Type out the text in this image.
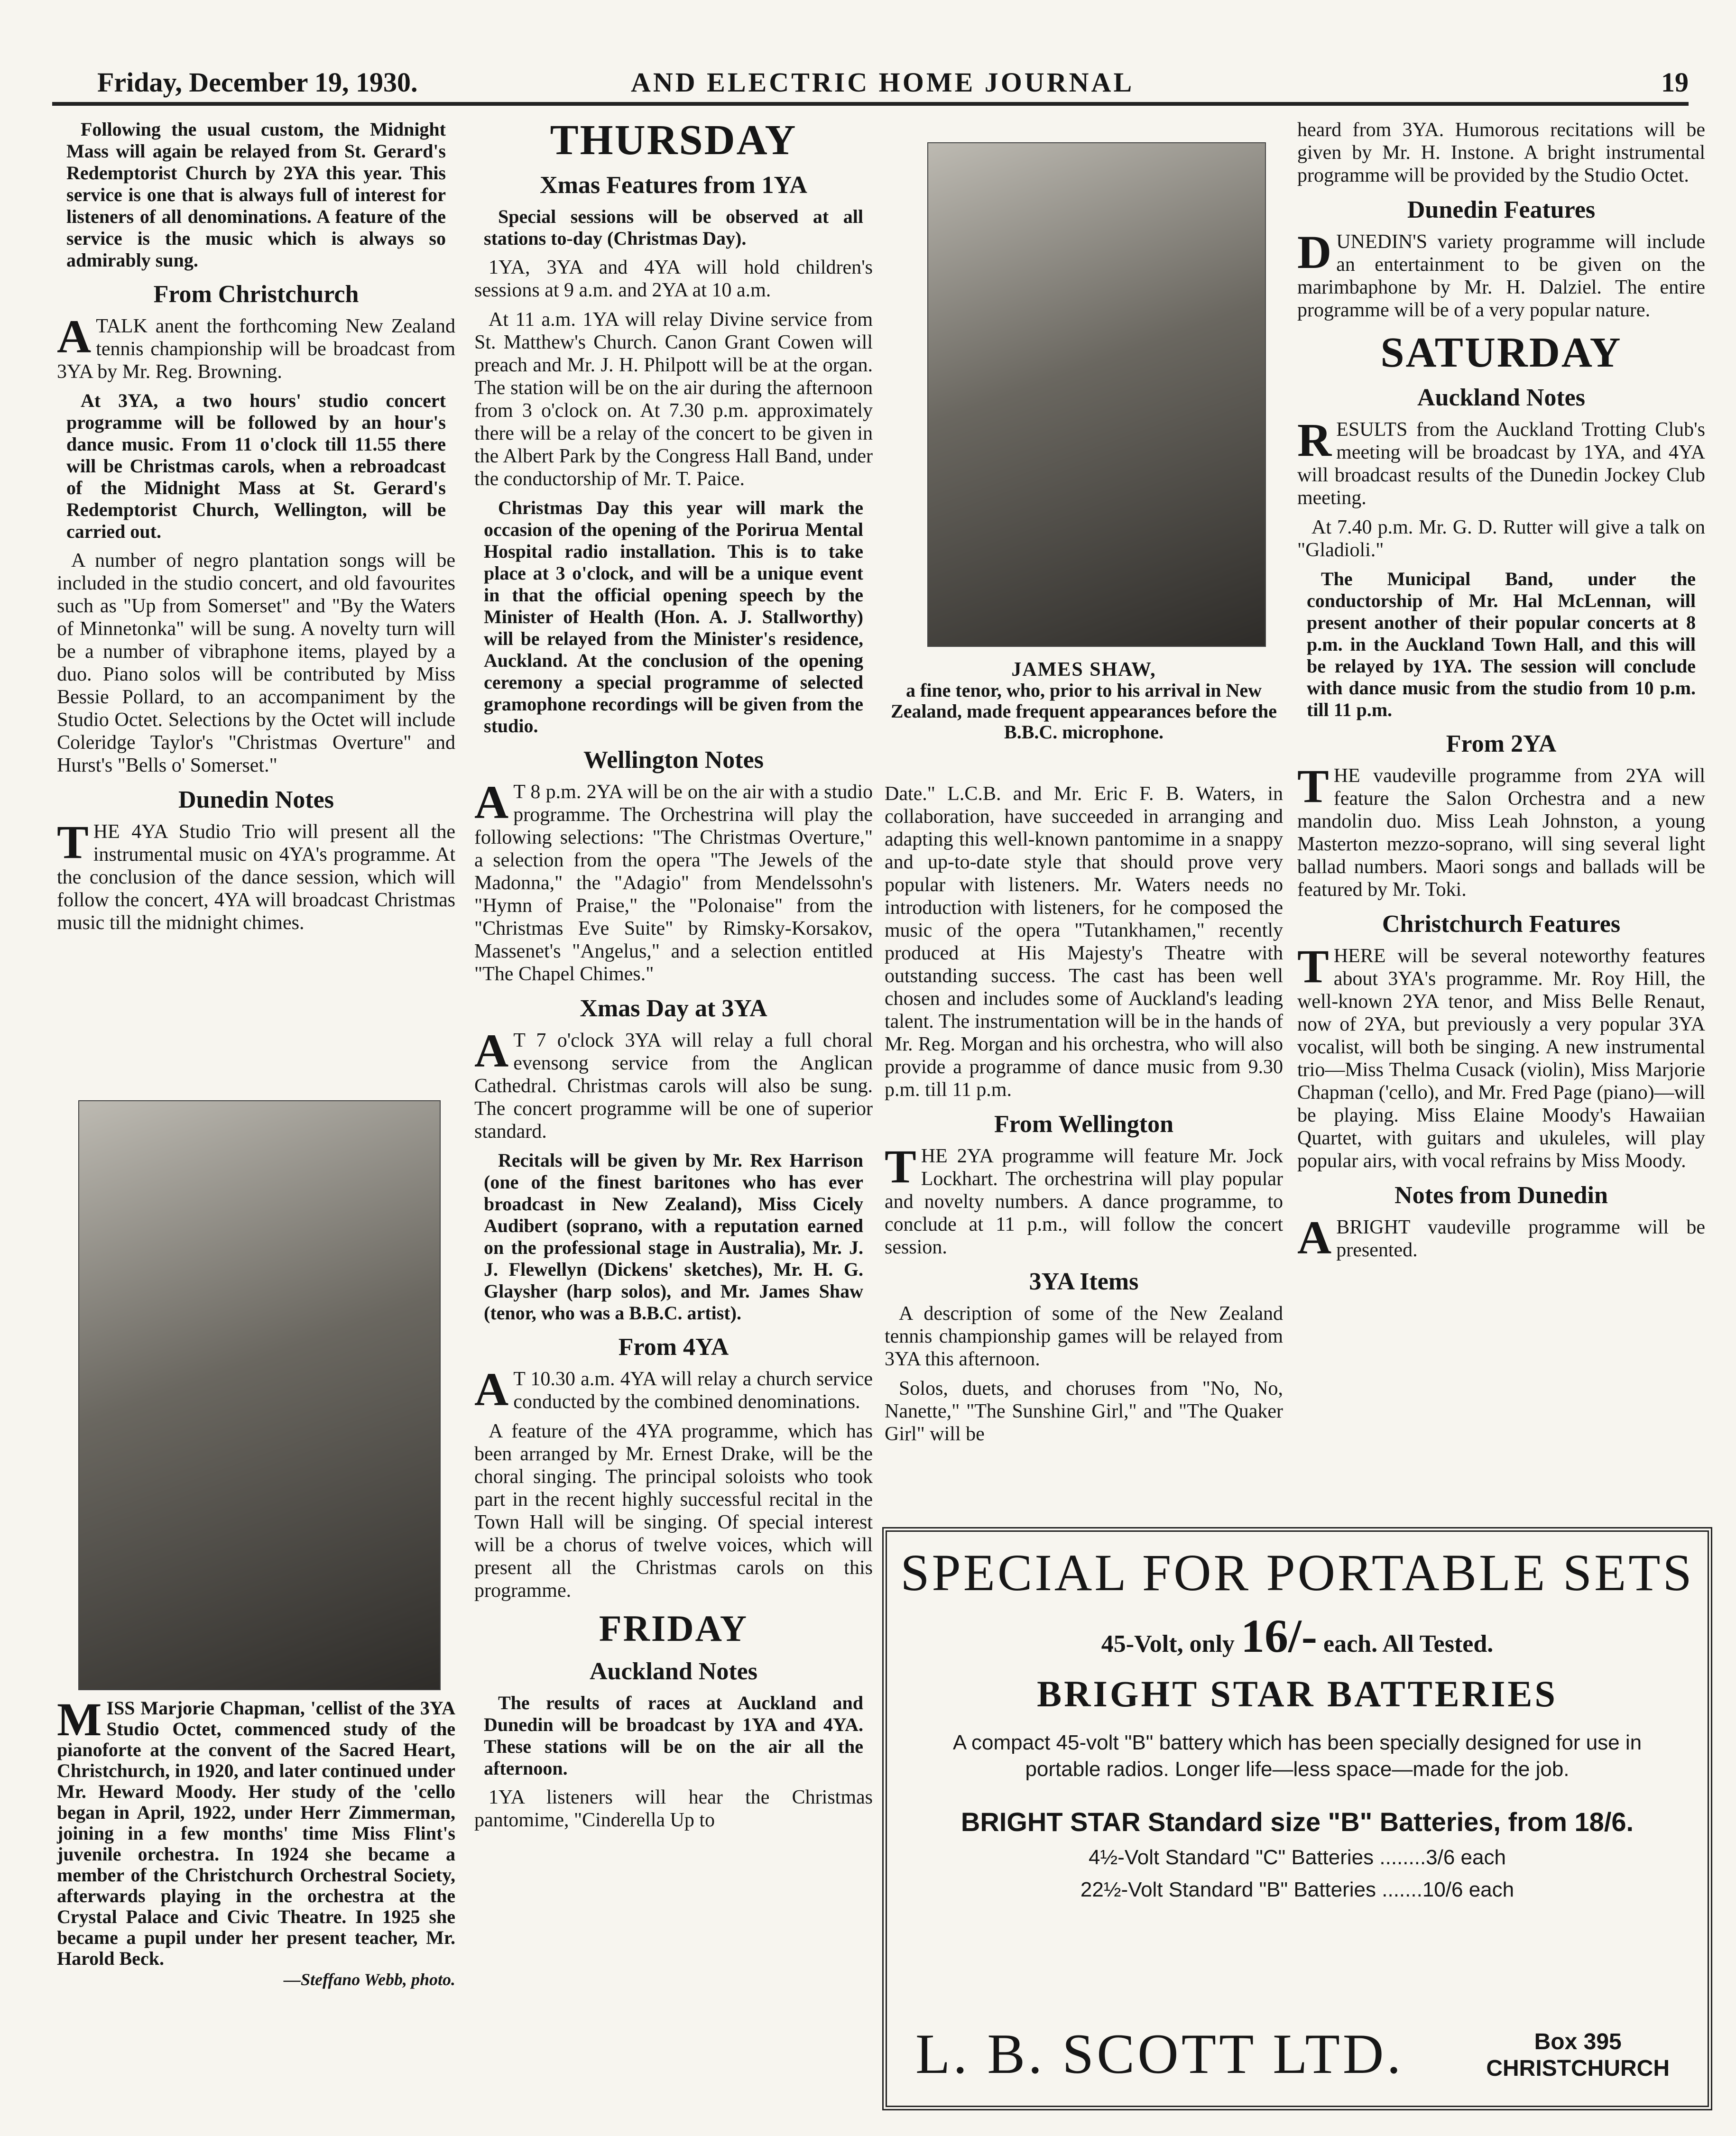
Friday, December 19, 1930.	AND ELECTRIC HOME JOURNAL	19

Following the usual custom, the Midnight Mass will again be relayed from St. Gerard's Redemptorist Church by 2YA this year. This service is one that is always full of interest for listeners of all denominations. A feature of the service is the music which is always so admirably sung.

From Christchurch

ATALK anent the forthcoming New Zealand tennis championship will be broadcast from 3YA by Mr. Reg. Browning.

At 3YA, a two hours' studio concert programme will be followed by an hour's dance music. From 11 o'clock till 11.55 there will be Christmas carols, when a rebroadcast of the Midnight Mass at St. Gerard's Redemptorist Church, Wellington, will be carried out.

A number of negro plantation songs will be included in the studio concert, and old favourites such as "Up from Somerset" and "By the Waters of Minnetonka" will be sung. A novelty turn will be a number of vibraphone items, played by a duo. Piano solos will be contributed by Miss Bessie Pollard, to an accompaniment by the Studio Octet. Selections by the Octet will include Coleridge Taylor's "Christmas Overture" and Hurst's "Bells o' Somerset."

Dunedin Notes

THE 4YA Studio Trio will present all the instrumental music on 4YA's programme. At the conclusion of the dance session, which will follow the concert, 4YA will broadcast Christmas music till the midnight chimes.

MISS Marjorie Chapman, 'cellist of the 3YA Studio Octet, commenced study of the pianoforte at the convent of the Sacred Heart, Christchurch, in 1920, and later continued under Mr. Heward Moody. Her study of the 'cello began in April, 1922, under Herr Zimmerman, joining in a few months' time Miss Flint's juvenile orchestra. In 1924 she became a member of the Christchurch Orchestral Society, afterwards playing in the orchestra at the Crystal Palace and Civic Theatre. In 1925 she became a pupil under her present teacher, Mr. Harold Beck.
—Steffano Webb, photo.
THURSDAY
Xmas Features from 1YA

Special sessions will be observed at all stations to-day (Christmas Day).

1YA, 3YA and 4YA will hold children's sessions at 9 a.m. and 2YA at 10 a.m.

At 11 a.m. 1YA will relay Divine service from St. Matthew's Church. Canon Grant Cowen will preach and Mr. J. H. Philpott will be at the organ. The station will be on the air during the afternoon from 3 o'clock on. At 7.30 p.m. approximately there will be a relay of the concert to be given in the Albert Park by the Congress Hall Band, under the conductorship of Mr. T. Paice.

Christmas Day this year will mark the occasion of the opening of the Porirua Mental Hospital radio installation. This is to take place at 3 o'clock, and will be a unique event in that the official opening speech by the Minister of Health (Hon. A. J. Stallworthy) will be relayed from the Minister's residence, Auckland. At the conclusion of the opening ceremony a special programme of selected gramophone recordings will be given from the studio.

Wellington Notes

A T 8 p.m. 2YA will be on the air with a studio programme. The Orchestrina will play the following selections: "The Christmas Overture," a selection from the opera "The Jewels of the Madonna," the "Adagio" from Mendelssohn's "Hymn of Praise," the "Polonaise" from the "Christmas Eve Suite" by Rimsky-Korsakov, Massenet's "Angelus," and a selection entitled "The Chapel Chimes."

Xmas Day at 3YA

A T 7 o'clock 3YA will relay a full choral evensong service from the Anglican Cathedral. Christmas carols will also be sung. The concert programme will be one of superior standard.

Recitals will be given by Mr. Rex Harrison (one of the finest baritones who has ever broadcast in New Zealand), Miss Cicely Audibert (soprano, with a reputation earned on the professional stage in Australia), Mr. J. J. Flewellyn (Dickens' sketches), Mr. H. G. Glaysher (harp solos), and Mr. James Shaw (tenor, who was a B.B.C. artist).

From 4YA

A T 10.30 a.m. 4YA will relay a church service conducted by the combined denominations.

A feature of the 4YA programme, which has been arranged by Mr. Ernest Drake, will be the choral singing. The principal soloists who took part in the recent highly successful recital in the Town Hall will be singing. Of special interest will be a chorus of twelve voices, which will present all the Christmas carols on this programme.

FRIDAY
Auckland Notes

The results of races at Auckland and Dunedin will be broadcast by 1YA and 4YA. These stations will be on the air all the afternoon.

1YA listeners will hear the Christmas pantomime, "Cinderella Up to

JAMES SHAW,
a fine tenor, who, prior to his arrival in New Zealand, made frequent appearances before the B.B.C. microphone.

Date." L.C.B. and Mr. Eric F. B. Waters, in collaboration, have succeeded in arranging and adapting this well-known pantomime in a snappy and up-to-date style that should prove very popular with listeners. Mr. Waters needs no introduction with listeners, for he composed the music of the opera "Tutankhamen," recently produced at His Majesty's Theatre with outstanding success. The cast has been well chosen and includes some of Auckland's leading talent. The instrumentation will be in the hands of Mr. Reg. Morgan and his orchestra, who will also provide a programme of dance music from 9.30 p.m. till 11 p.m.

From Wellington

THE 2YA programme will feature Mr. Jock Lockhart. The orchestrina will play popular and novelty numbers. A dance programme, to conclude at 11 p.m., will follow the concert session.

3YA Items

A description of some of the New Zealand tennis championship games will be relayed from 3YA this afternoon.

Solos, duets, and choruses from "No, No, Nanette," "The Sunshine Girl," and "The Quaker Girl" will be

heard from 3YA. Humorous recitations will be given by Mr. H. Instone. A bright instrumental programme will be provided by the Studio Octet.

Dunedin Features

DUNEDIN'S variety programme will include an entertainment to be given on the marimbaphone by Mr. H. Dalziel. The entire programme will be of a very popular nature.

SATURDAY
Auckland Notes

RESULTS from the Auckland Trotting Club's meeting will be broadcast by 1YA, and 4YA will broadcast results of the Dunedin Jockey Club meeting.

At 7.40 p.m. Mr. G. D. Rutter will give a talk on "Gladioli."

The Municipal Band, under the conductorship of Mr. Hal McLennan, will present another of their popular concerts at 8 p.m. in the Auckland Town Hall, and this will be relayed by 1YA. The session will conclude with dance music from the studio from 10 p.m. till 11 p.m.

From 2YA

THE vaudeville programme from 2YA will feature the Salon Orchestra and a new mandolin duo. Miss Leah Johnston, a young Masterton mezzo-soprano, will sing several light ballad numbers. Maori songs and ballads will be featured by Mr. Toki.

Christchurch Features

THERE will be several noteworthy features about 3YA's programme. Mr. Roy Hill, the well-known 2YA tenor, and Miss Belle Renaut, now of 2YA, but previously a very popular 3YA vocalist, will both be singing. A new instrumental trio—Miss Thelma Cusack (violin), Miss Marjorie Chapman ('cello), and Mr. Fred Page (piano)—will be playing. Miss Elaine Moody's Hawaiian Quartet, with guitars and ukuleles, will play popular airs, with vocal refrains by Miss Moody.

Notes from Dunedin

ABRIGHT vaudeville programme will be presented.

SPECIAL FOR PORTABLE SETS
45-Volt, only 16/- each. All Tested.
BRIGHT STAR BATTERIES
A compact 45-volt "B" battery which has been specially designed for use in portable radios. Longer life—less space—made for the job.
BRIGHT STAR Standard size "B" Batteries, from 18/6.
4½-Volt Standard "C" Batteries ........3/6 each
22½-Volt Standard "B" Batteries .......10/6 each
L. B. SCOTT LTD.	Box 395
CHRISTCHURCH
